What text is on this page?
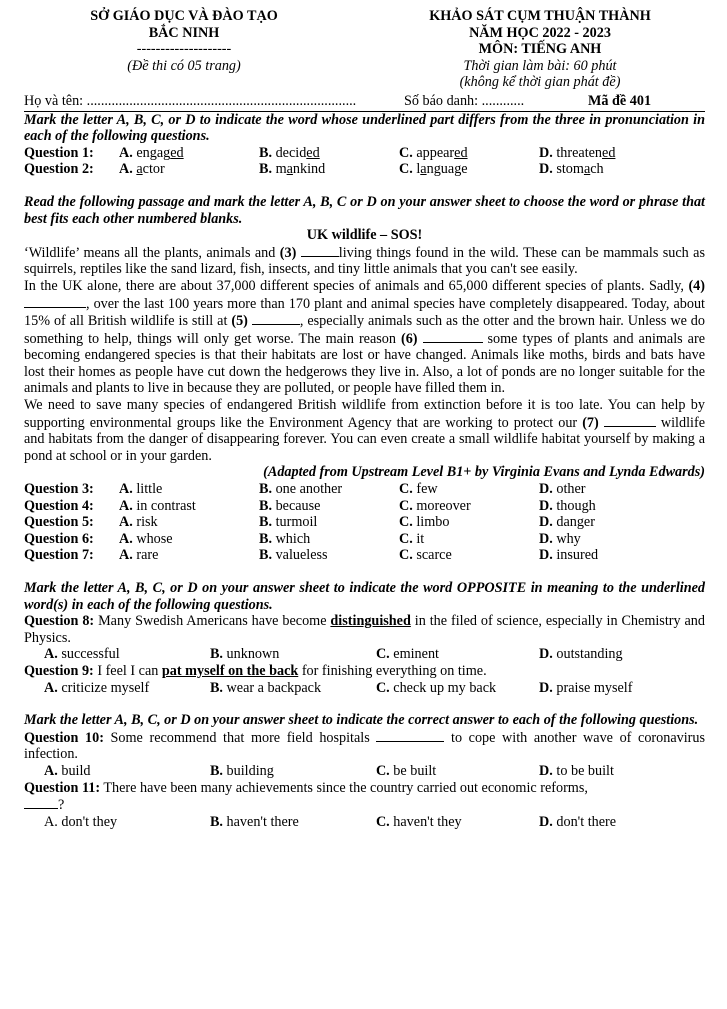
SỞ GIÁO DỤC VÀ ĐÀO TẠO
BẮC NINH
--------------------
(Đề thi có 05 trang)
KHẢO SÁT CỤM THUẬN THÀNH
NĂM HỌC 2022 - 2023
MÔN: TIẾNG ANH
Thời gian làm bài: 60 phút
(không kể thời gian phát đề)
Họ và tên: ............................................................................	Số báo danh: ............	Mã đề 401
Mark the letter A, B, C, or D to indicate the word whose underlined part differs from the three in pronunciation in each of the following questions.
Question 1:	A. engaged	B. decided	C. appeared	D. threatened
Question 2:	A. actor	B. mankind	C. language	D. stomach
Read the following passage and mark the letter A, B, C or D on your answer sheet to choose the word or phrase that best fits each other numbered blanks.
UK wildlife – SOS!
‘Wildlife’ means all the plants, animals and (3)	living things found in the wild. These can be mammals such as squirrels, reptiles like the sand lizard, fish, insects, and tiny little animals that you can't see easily.
In the UK alone, there are about 37,000 different species of animals and 65,000 different species of plants. Sadly, (4) , over the last 100 years more than 170 plant and animal species have completely disappeared. Today, about 15% of all British wildlife is still at (5)	, especially animals such as the otter and the brown hair. Unless we do something to help, things will only get worse. The main reason (6)	some types of plants and animals are becoming endangered species is that their habitats are lost or have changed. Animals like moths, birds and bats have lost their homes as people have cut down the hedgerows they live in. Also, a lot of ponds are no longer suitable for the animals and plants to live in because they are polluted, or people have filled them in.
We need to save many species of endangered British wildlife from extinction before it is too late. You can help by supporting environmental groups like the Environment Agency that are working to protect our (7)	wildlife and habitats from the danger of disappearing forever. You can even create a small wildlife habitat yourself by making a pond at school or in your garden.
(Adapted from Upstream Level B1+ by Virginia Evans and Lynda Edwards)
Question 3:	A. little	B. one another	C. few	D. other
Question 4:	A. in contrast	B. because	C. moreover	D. though
Question 5:	A. risk	B. turmoil	C. limbo	D. danger
Question 6:	A. whose	B. which	C. it	D. why
Question 7:	A. rare	B. valueless	C. scarce	D. insured
Mark the letter A, B, C, or D on your answer sheet to indicate the word OPPOSITE in meaning to the underlined word(s) in each of the following questions.
Question 8: Many Swedish Americans have become distinguished in the filed of science, especially in Chemistry and Physics.
A. successful	B. unknown	C. eminent	D. outstanding
Question 9: I feel I can pat myself on the back for finishing everything on time.
A. criticize myself	B. wear a backpack	C. check up my back	D. praise myself
Mark the letter A, B, C, or D on your answer sheet to indicate the correct answer to each of the following questions.
Question 10: Some recommend that more field hospitals	to cope with another wave of coronavirus infection.
A. build	B. building	C. be built	D. to be built
Question 11: There have been many achievements since the country carried out economic reforms,
?
A. don't they	B. haven't there	C. haven't they	D. don't there
